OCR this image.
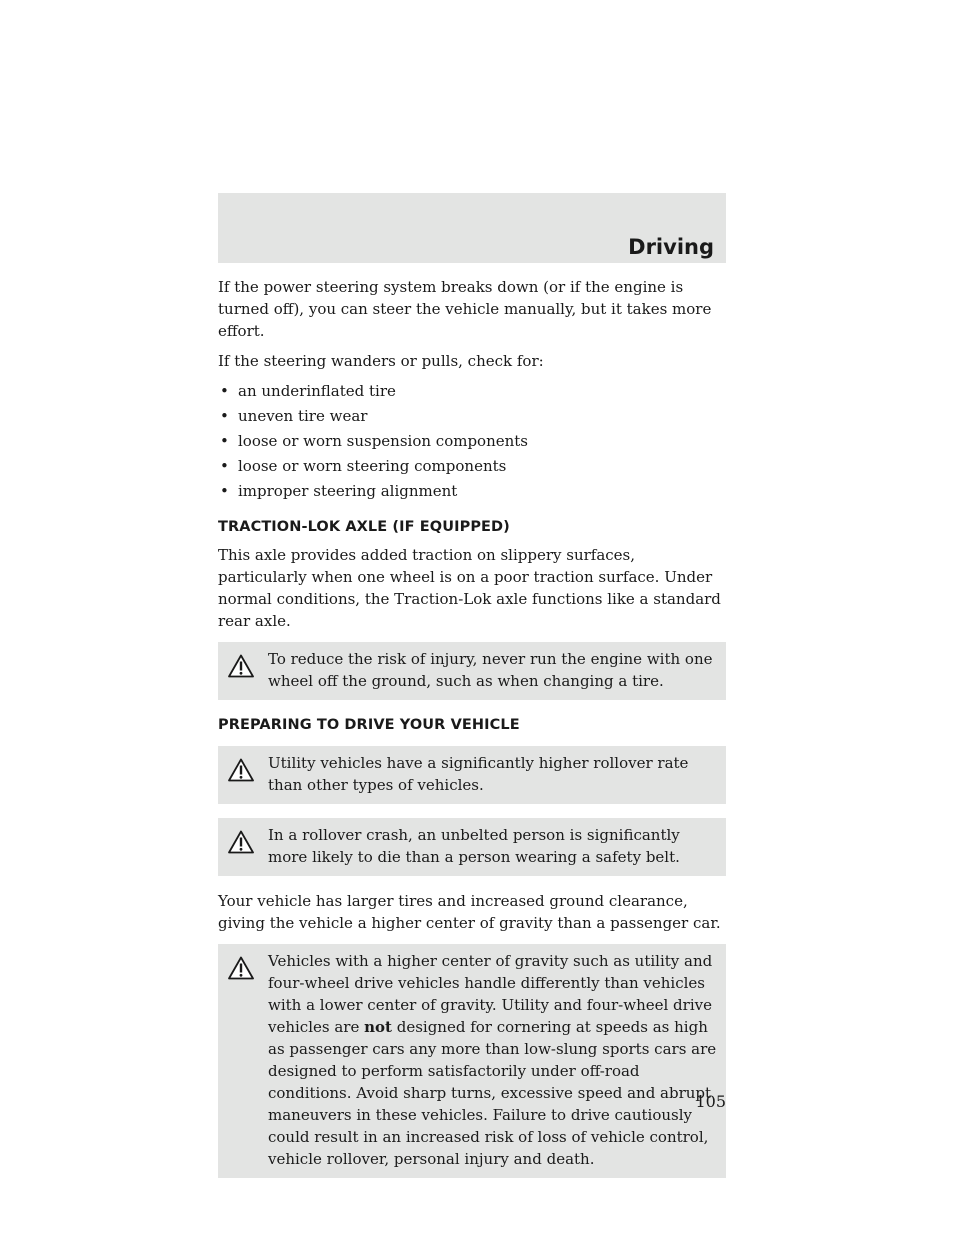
Driving

If the power steering system breaks down (or if the engine is turned off), you can steer the vehicle manually, but it takes more effort.

If the steering wanders or pulls, check for:

• an underinflated tire
• uneven tire wear
• loose or worn suspension components
• loose or worn steering components
• improper steering alignment
TRACTION-LOK AXLE (IF EQUIPPED)

This axle provides added traction on slippery surfaces, particularly when one wheel is on a poor traction surface. Under normal conditions, the Traction-Lok axle functions like a standard rear axle.

To reduce the risk of injury, never run the engine with one wheel off the ground, such as when changing a tire.
PREPARING TO DRIVE YOUR VEHICLE
Utility vehicles have a significantly higher rollover rate than other types of vehicles.
In a rollover crash, an unbelted person is significantly more likely to die than a person wearing a safety belt.

Your vehicle has larger tires and increased ground clearance, giving the vehicle a higher center of gravity than a passenger car.

Vehicles with a higher center of gravity such as utility and four-wheel drive vehicles handle differently than vehicles with a lower center of gravity. Utility and four-wheel drive vehicles are not designed for cornering at speeds as high as passenger cars any more than low-slung sports cars are designed to perform satisfactorily under off-road conditions. Avoid sharp turns, excessive speed and abrupt maneuvers in these vehicles. Failure to drive cautiously could result in an increased risk of loss of vehicle control, vehicle rollover, personal injury and death.
105
